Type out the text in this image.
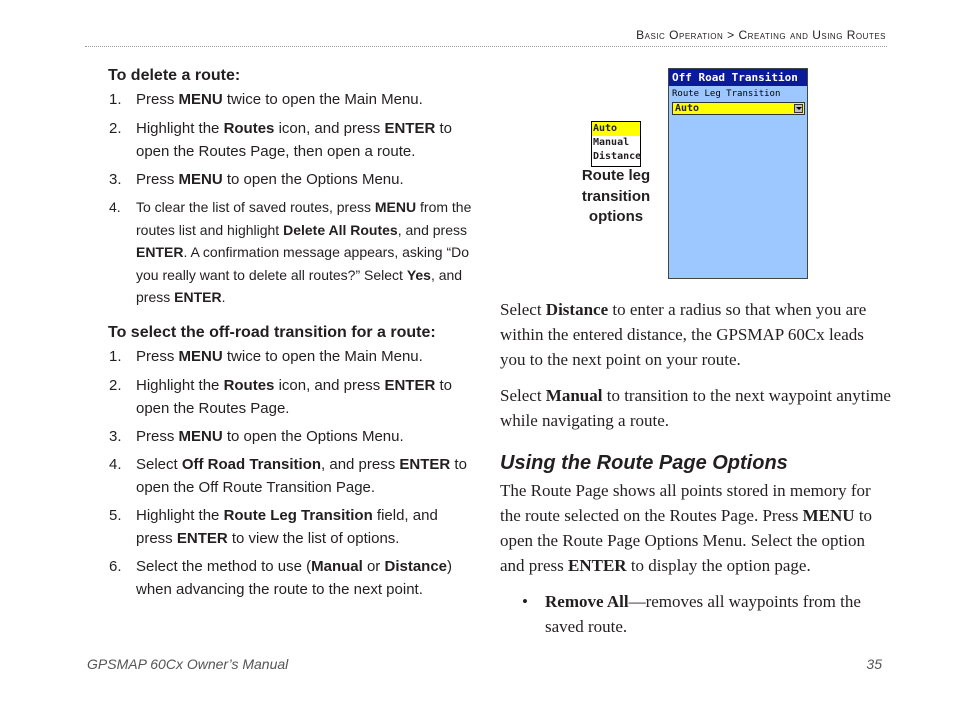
Basic Operation > Creating and Using Routes
To delete a route:
1. Press MENU twice to open the Main Menu.
2. Highlight the Routes icon, and press ENTER to open the Routes Page, then open a route.
3. Press MENU to open the Options Menu.
4. To clear the list of saved routes, press MENU from the routes list and highlight Delete All Routes, and press ENTER. A confirmation message appears, asking “Do you really want to delete all routes?” Select Yes, and press ENTER.
To select the off-road transition for a route:
1. Press MENU twice to open the Main Menu.
2. Highlight the Routes icon, and press ENTER to open the Routes Page.
3. Press MENU to open the Options Menu.
4. Select Off Road Transition, and press ENTER to open the Off Route Transition Page.
5. Highlight the Route Leg Transition field, and press ENTER to view the list of options.
6. Select the method to use (Manual or Distance) when advancing the route to the next point.
Auto
Manual
Distance
Route leg transition options
Off Road Transition
Route Leg Transition
Auto
Select Distance to enter a radius so that when you are within the entered distance, the GPSMAP 60Cx leads you to the next point on your route.
Select Manual to transition to the next waypoint anytime while navigating a route.
Using the Route Page Options
The Route Page shows all points stored in memory for the route selected on the Routes Page. Press MENU to open the Route Page Options Menu. Select the option and press ENTER to display the option page.
• Remove All—removes all waypoints from the saved route.
GPSMAP 60Cx Owner’s Manual	35
